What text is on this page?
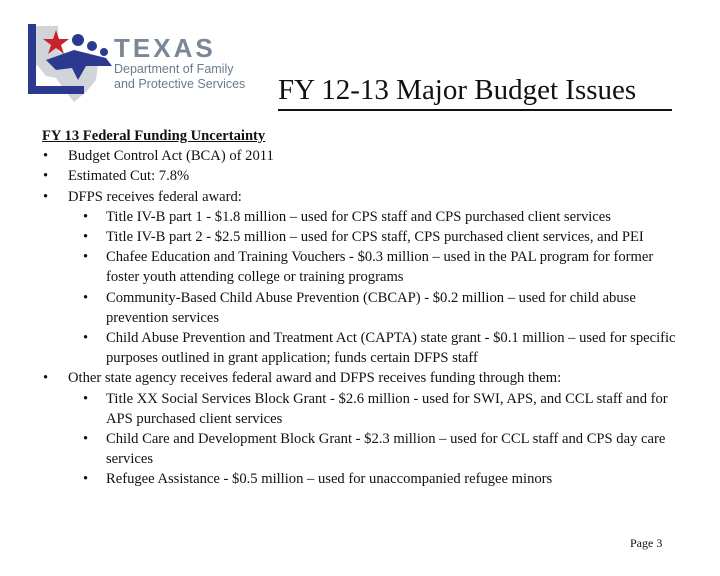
TEXAS
Department of Family
and Protective Services FY 12-13 Major Budget Issues
FY 13 Federal Funding Uncertainty
• Budget Control Act (BCA) of 2011
• Estimated Cut: 7.8%
• DFPS receives federal award:
• Title IV-B part 1 - $1.8 million – used for CPS staff and CPS purchased client services
• Title IV-B part 2 - $2.5 million – used for CPS staff, CPS purchased client services, and PEI
• Chafee Education and Training Vouchers - $0.3 million – used in the PAL program for former foster youth attending college or training programs
• Community-Based Child Abuse Prevention (CBCAP) - $0.2 million – used for child abuse prevention services
• Child Abuse Prevention and Treatment Act (CAPTA) state grant - $0.1 million – used for specific purposes outlined in grant application; funds certain DFPS staff
• Other state agency receives federal award and DFPS receives funding through them:
• Title XX Social Services Block Grant - $2.6 million - used for SWI, APS, and CCL staff and for APS purchased client services
• Child Care and Development Block Grant - $2.3 million – used for CCL staff and CPS day care services
• Refugee Assistance - $0.5 million – used for unaccompanied refugee minors
Page 3
